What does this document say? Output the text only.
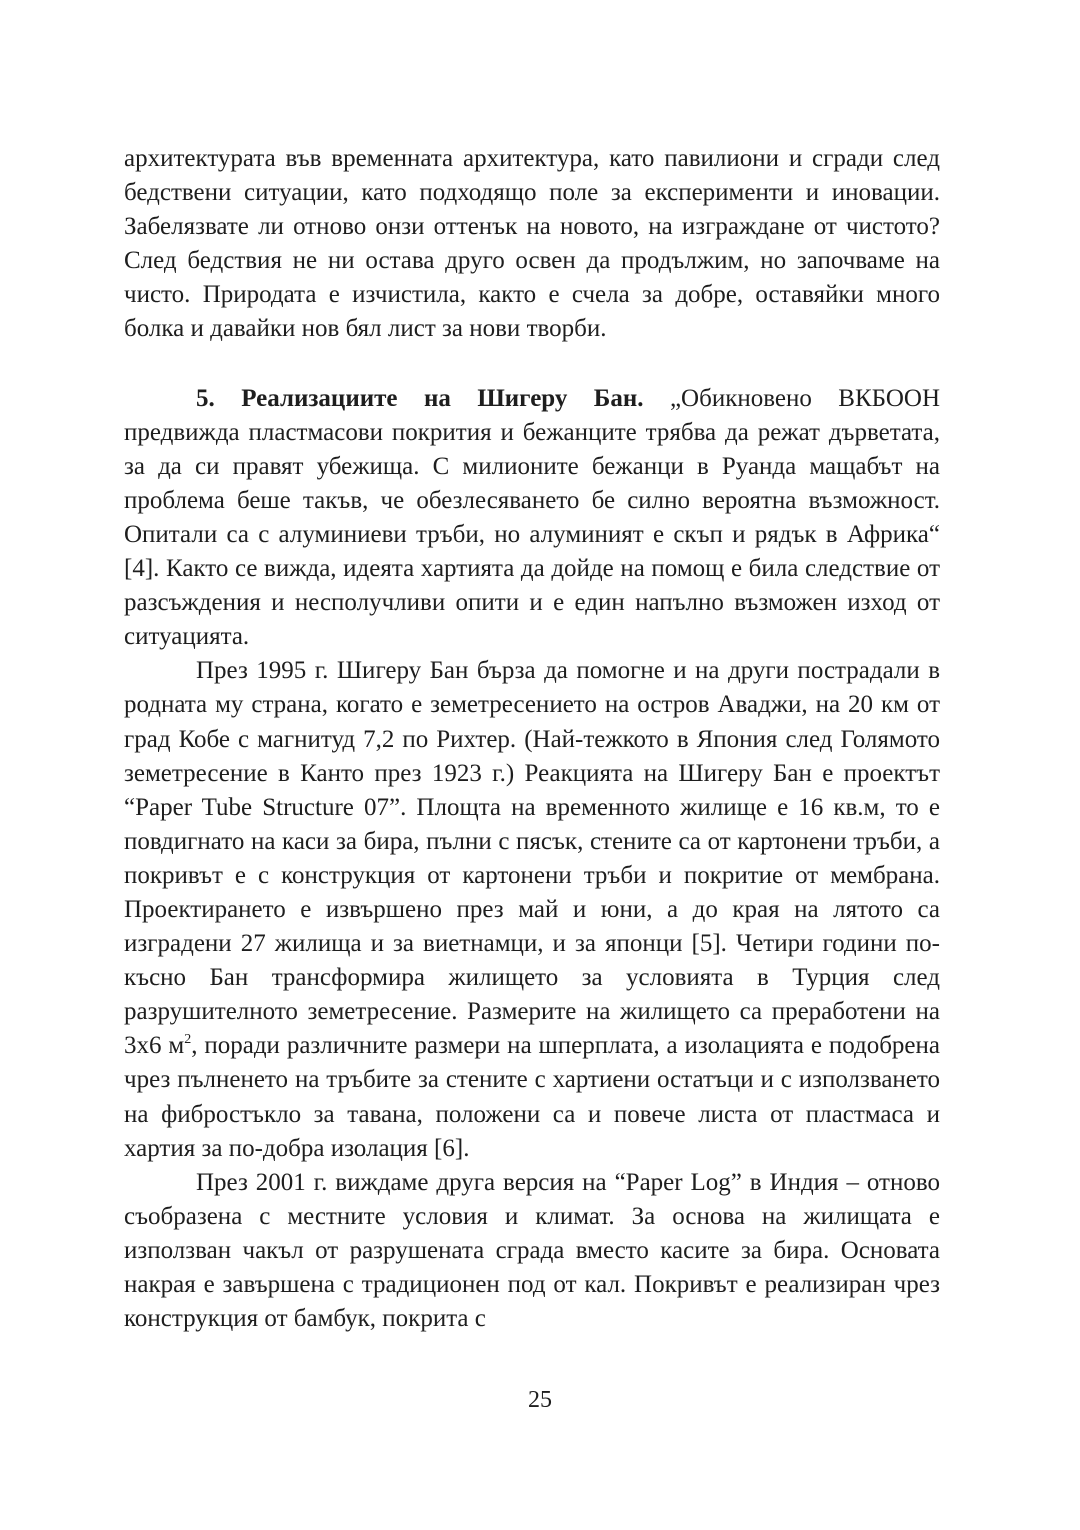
архитектурата във временната архитектура, като павилиони и сгради след бедствени ситуации, като подходящо поле за експерименти и иновации. Забелязвате ли отново онзи оттенък на новото, на изграждане от чистото? След бедствия не ни остава друго освен да продължим, но започваме на чисто. Природата е изчистила, както е счела за добре, оставяйки много болка и давайки нов бял лист за нови творби.

5. Реализациите на Шигеру Бан. „Обикновено ВКБООН предвижда пластмасови покрития и бежанците трябва да режат дърветата, за да си правят убежища. С милионите бежанци в Руанда мащабът на проблема беше такъв, че обезлесяването бе силно вероятна възможност. Опитали са с алуминиеви тръби, но алуминият е скъп и рядък в Африка“ [4]. Както се вижда, идеята хартията да дойде на помощ е била следствие от разсъждения и несполучливи опити и е един напълно възможен изход от ситуацията.

През 1995 г. Шигеру Бан бърза да помогне и на други пострадали в родната му страна, когато е земетресението на остров Аваджи, на 20 км от град Кобе с магнитуд 7,2 по Рихтер. (Най-тежкото в Япония след Голямото земетресение в Канто през 1923 г.) Реакцията на Шигеру Бан е проектът “Paper Tube Structure 07”. Площта на временното жилище е 16 кв.м, то е повдигнато на каси за бира, пълни с пясък, стените са от картонени тръби, а покривът е с конструкция от картонени тръби и покритие от мембрана. Проектирането е извършено през май и юни, а до края на лятото са изградени 27 жилища и за виетнамци, и за японци [5]. Четири години по-късно Бан трансформира жилището за условията в Турция след разрушителното земетресение. Размерите на жилището са преработени на 3x6 $м^2$, поради различните размери на шперплата, а изолацията е подобрена чрез пълненето на тръбите за стените с хартиени остатъци и с използването на фибростъкло за тавана, положени са и повече листа от пластмаса и хартия за по-добра изолация [6].

През 2001 г. виждаме друга версия на “Paper Log” в Индия – отново съобразена с местните условия и климат. За основа на жилищата е използван чакъл от разрушената сграда вместо касите за бира. Основата накрая е завършена с традиционен под от кал. Покривът е реализиран чрез конструкция от бамбук, покрита с

25
